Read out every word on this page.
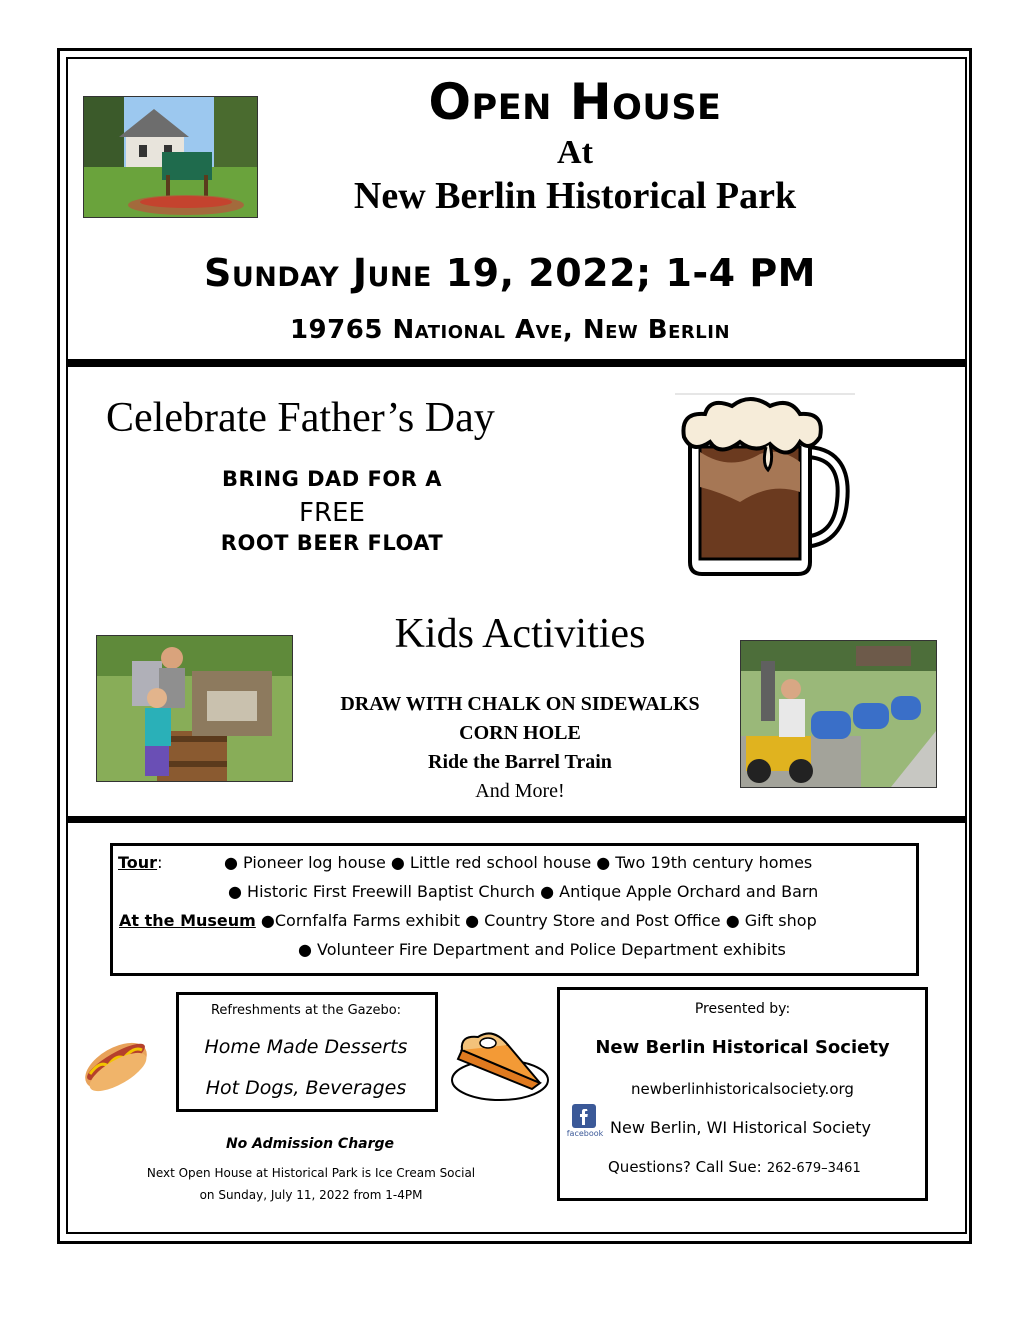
Open House
At
New Berlin Historical Park
Sunday June 19, 2022; 1-4 PM
19765 National Ave, New Berlin
Celebrate Father’s Day
BRING DAD FOR A
FREE
ROOT BEER FLOAT
Kids Activities
DRAW WITH CHALK ON SIDEWALKS
CORN HOLE
Ride the Barrel Train
And More!
Tour:	● Pioneer log house ● Little red school house ● Two 19th century homes
● Historic First Freewill Baptist Church ● Antique Apple Orchard and Barn
At the Museum ●Cornfalfa Farms exhibit ● Country Store and Post Office ● Gift shop
● Volunteer Fire Department and Police Department exhibits
Refreshments at the Gazebo:
Home Made Desserts
Hot Dogs, Beverages
No Admission Charge
Next Open House at Historical Park is Ice Cream Social
on Sunday, July 11, 2022 from 1-4PM
Presented by:
New Berlin Historical Society
newberlinhistoricalsociety.org
facebook New Berlin, WI Historical Society
Questions? Call Sue: 262-679–3461
